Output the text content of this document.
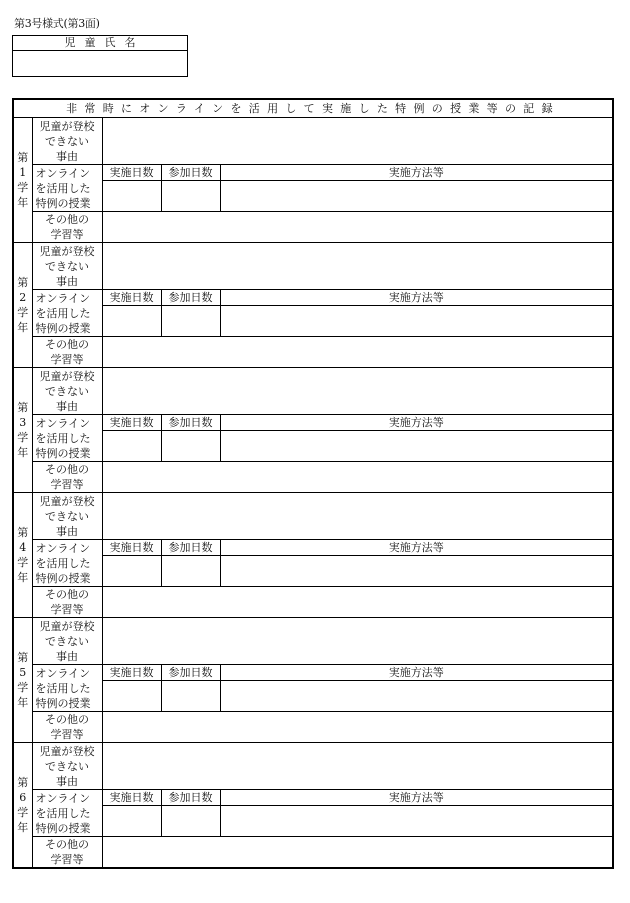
第3号様式(第3面)
児童氏名
非常時にオンラインを活用して実施した特例の授業等の記録				

第
1
学
年	児童が登校
できない
事由			

	オンライン
を活用した
特例の授業	実施日数	参加日数	実施方法等

	その他の
学習等			

第
2
学
年	児童が登校
できない
事由			

	オンライン
を活用した
特例の授業	実施日数	参加日数	実施方法等

	その他の
学習等			

第
3
学
年	児童が登校
できない
事由			

	オンライン
を活用した
特例の授業	実施日数	参加日数	実施方法等

	その他の
学習等			

第
4
学
年	児童が登校
できない
事由			

	オンライン
を活用した
特例の授業	実施日数	参加日数	実施方法等

	その他の
学習等			

第
5
学
年	児童が登校
できない
事由			

	オンライン
を活用した
特例の授業	実施日数	参加日数	実施方法等

	その他の
学習等			

第
6
学
年	児童が登校
できない
事由			

	オンライン
を活用した
特例の授業	実施日数	参加日数	実施方法等

	その他の
学習等			
